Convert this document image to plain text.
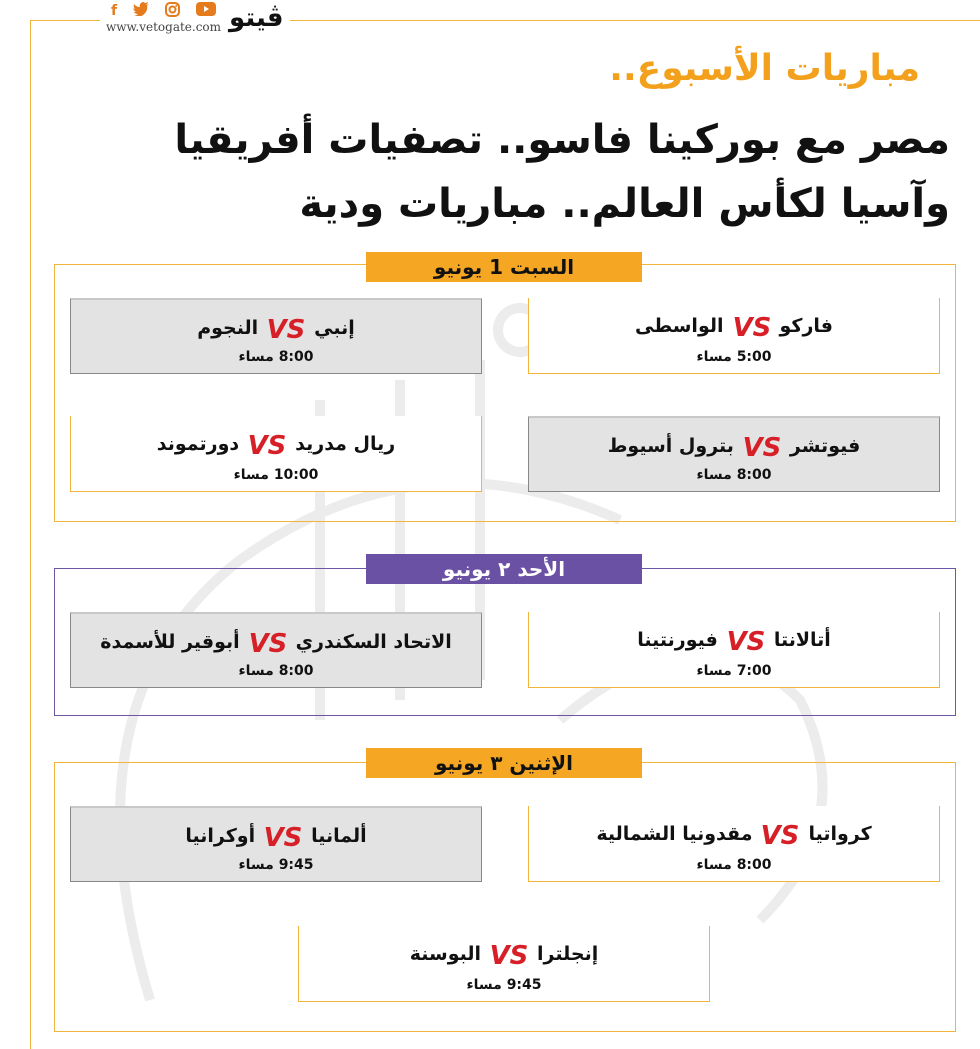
f
www.vetogate.com ڤيتو
مباريات الأسبوع..
مصر مع بوركينا فاسو.. تصفيات أفريقيا وآسيا لكأس العالم.. مباريات ودية
السبت 1 يونيو
فاركو
VS
الواسطى
5:00 مساء
إنبي
VS
النجوم
8:00 مساء
فيوتشر
VS
بترول أسيوط
8:00 مساء
ريال مدريد
VS
دورتموند
10:00 مساء
الأحد ٢ يونيو
أتالانتا
VS
فيورنتينا
7:00 مساء
الاتحاد السكندري
VS
أبوقير للأسمدة
8:00 مساء
الإثنين ٣ يونيو
كرواتيا
VS
مقدونيا الشمالية
8:00 مساء
ألمانيا
VS
أوكرانيا
9:45 مساء
إنجلترا
VS
البوسنة
9:45 مساء
